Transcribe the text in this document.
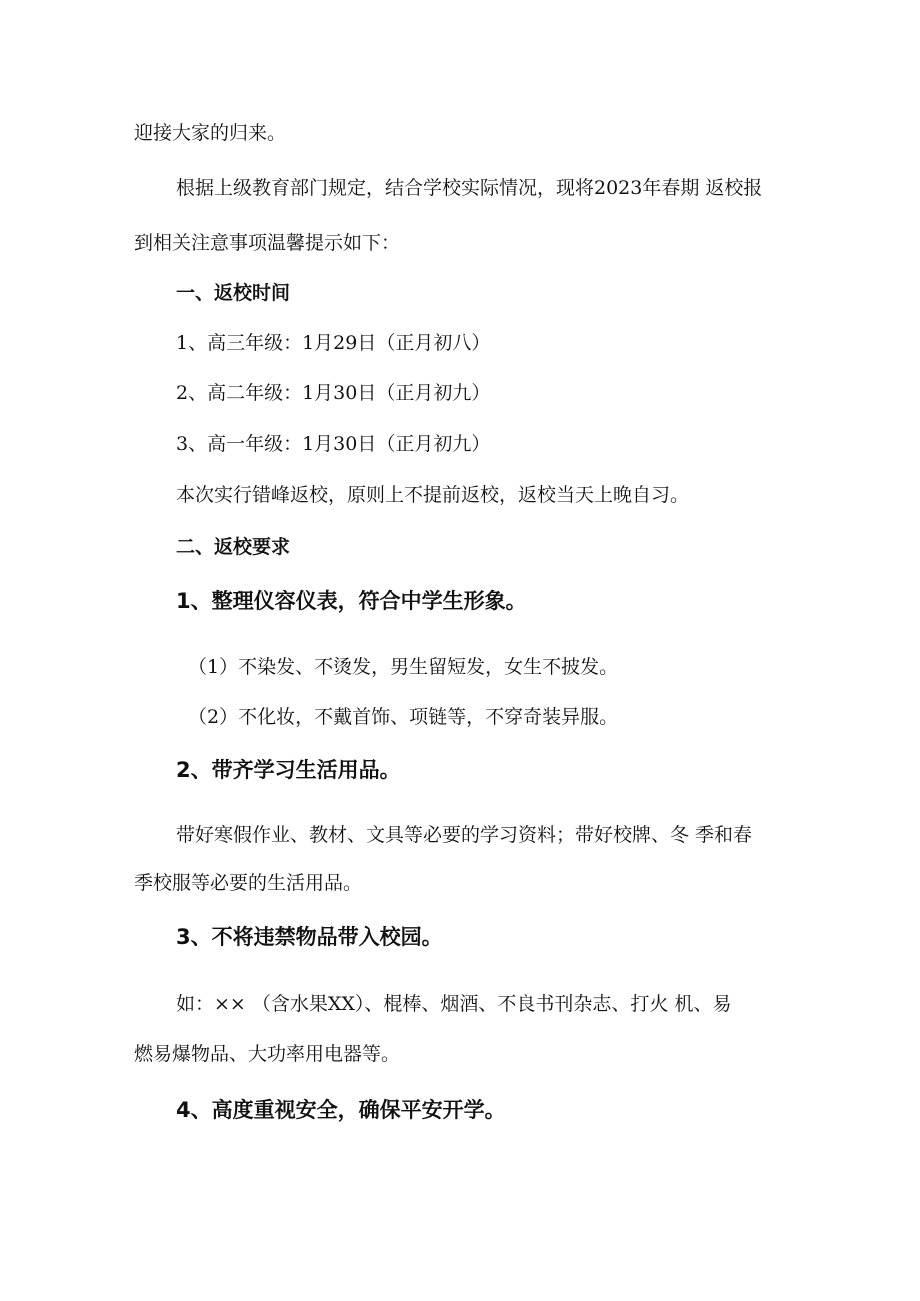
迎接大家的归来。
根据上级教育部门规定，结合学校实际情况，现将2023年春期 返校报
到相关注意事项温馨提示如下：
一、返校时间
1、高三年级：1月29日（正月初八）
2、高二年级：1月30日（正月初九）
3、高一年级：1月30日（正月初九）
本次实行错峰返校，原则上不提前返校，返校当天上晚自习。
二、返校要求
1、整理仪容仪表，符合中学生形象。
（1）不染发、不烫发，男生留短发，女生不披发。
（2）不化妆，不戴首饰、项链等，不穿奇装异服。
2、带齐学习生活用品。
带好寒假作业、教材、文具等必要的学习资料；带好校牌、冬 季和春
季校服等必要的生活用品。
3、不将违禁物品带入校园。
如：×× （含水果XX）、棍棒、烟酒、不良书刊杂志、打火 机、易
燃易爆物品、大功率用电器等。
4、高度重视安全，确保平安开学。
